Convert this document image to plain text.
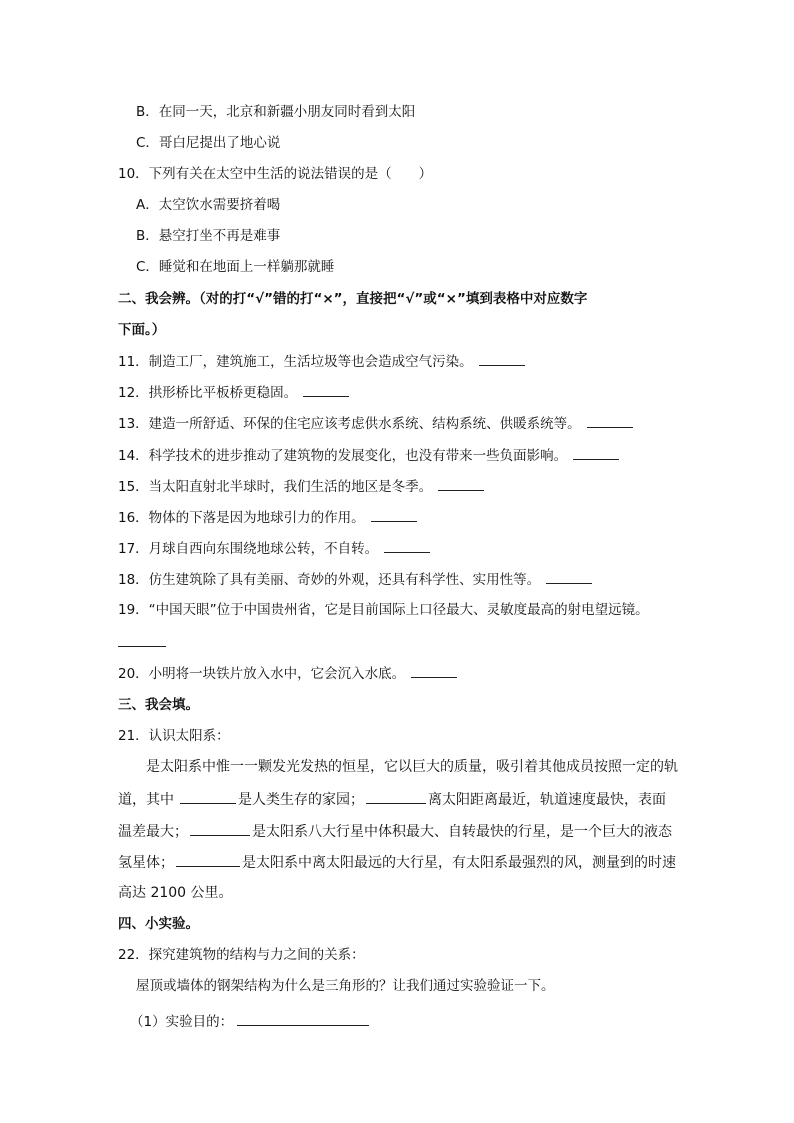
B．在同一天，北京和新疆小朋友同时看到太阳
C．哥白尼提出了地心说
10．下列有关在太空中生活的说法错误的是（　　）
A．太空饮水需要挤着喝
B．悬空打坐不再是难事
C．睡觉和在地面上一样躺那就睡
二、我会辨。（对的打“√”错的打“×”，直接把“√”或“×”填到表格中对应数字
下面。）
11．制造工厂，建筑施工，生活垃圾等也会造成空气污染。
12．拱形桥比平板桥更稳固。
13．建造一所舒适、环保的住宅应该考虑供水系统、结构系统、供暖系统等。
14．科学技术的进步推动了建筑物的发展变化，也没有带来一些负面影响。
15．当太阳直射北半球时，我们生活的地区是冬季。
16．物体的下落是因为地球引力的作用。
17．月球自西向东围绕地球公转，不自转。
18．仿生建筑除了具有美丽、奇妙的外观，还具有科学性、实用性等。
19．“中国天眼”位于中国贵州省，它是目前国际上口径最大、灵敏度最高的射电望远镜。
20．小明将一块铁片放入水中，它会沉入水底。
三、我会填。
21．认识太阳系：
是太阳系中惟一一颗发光发热的恒星，它以巨大的质量，吸引着其他成员按照一定的轨
道，其中	是人类生存的家园；	离太阳距离最近，轨道速度最快，表面
温差最大；	是太阳系八大行星中体积最大、自转最快的行星，是一个巨大的液态
氢星体；	是太阳系中离太阳最远的大行星，有太阳系最强烈的风，测量到的时速
高达 2100 公里。
四、小实验。
22．探究建筑物的结构与力之间的关系：
屋顶或墙体的钢架结构为什么是三角形的？让我们通过实验验证一下。
（1）实验目的：
